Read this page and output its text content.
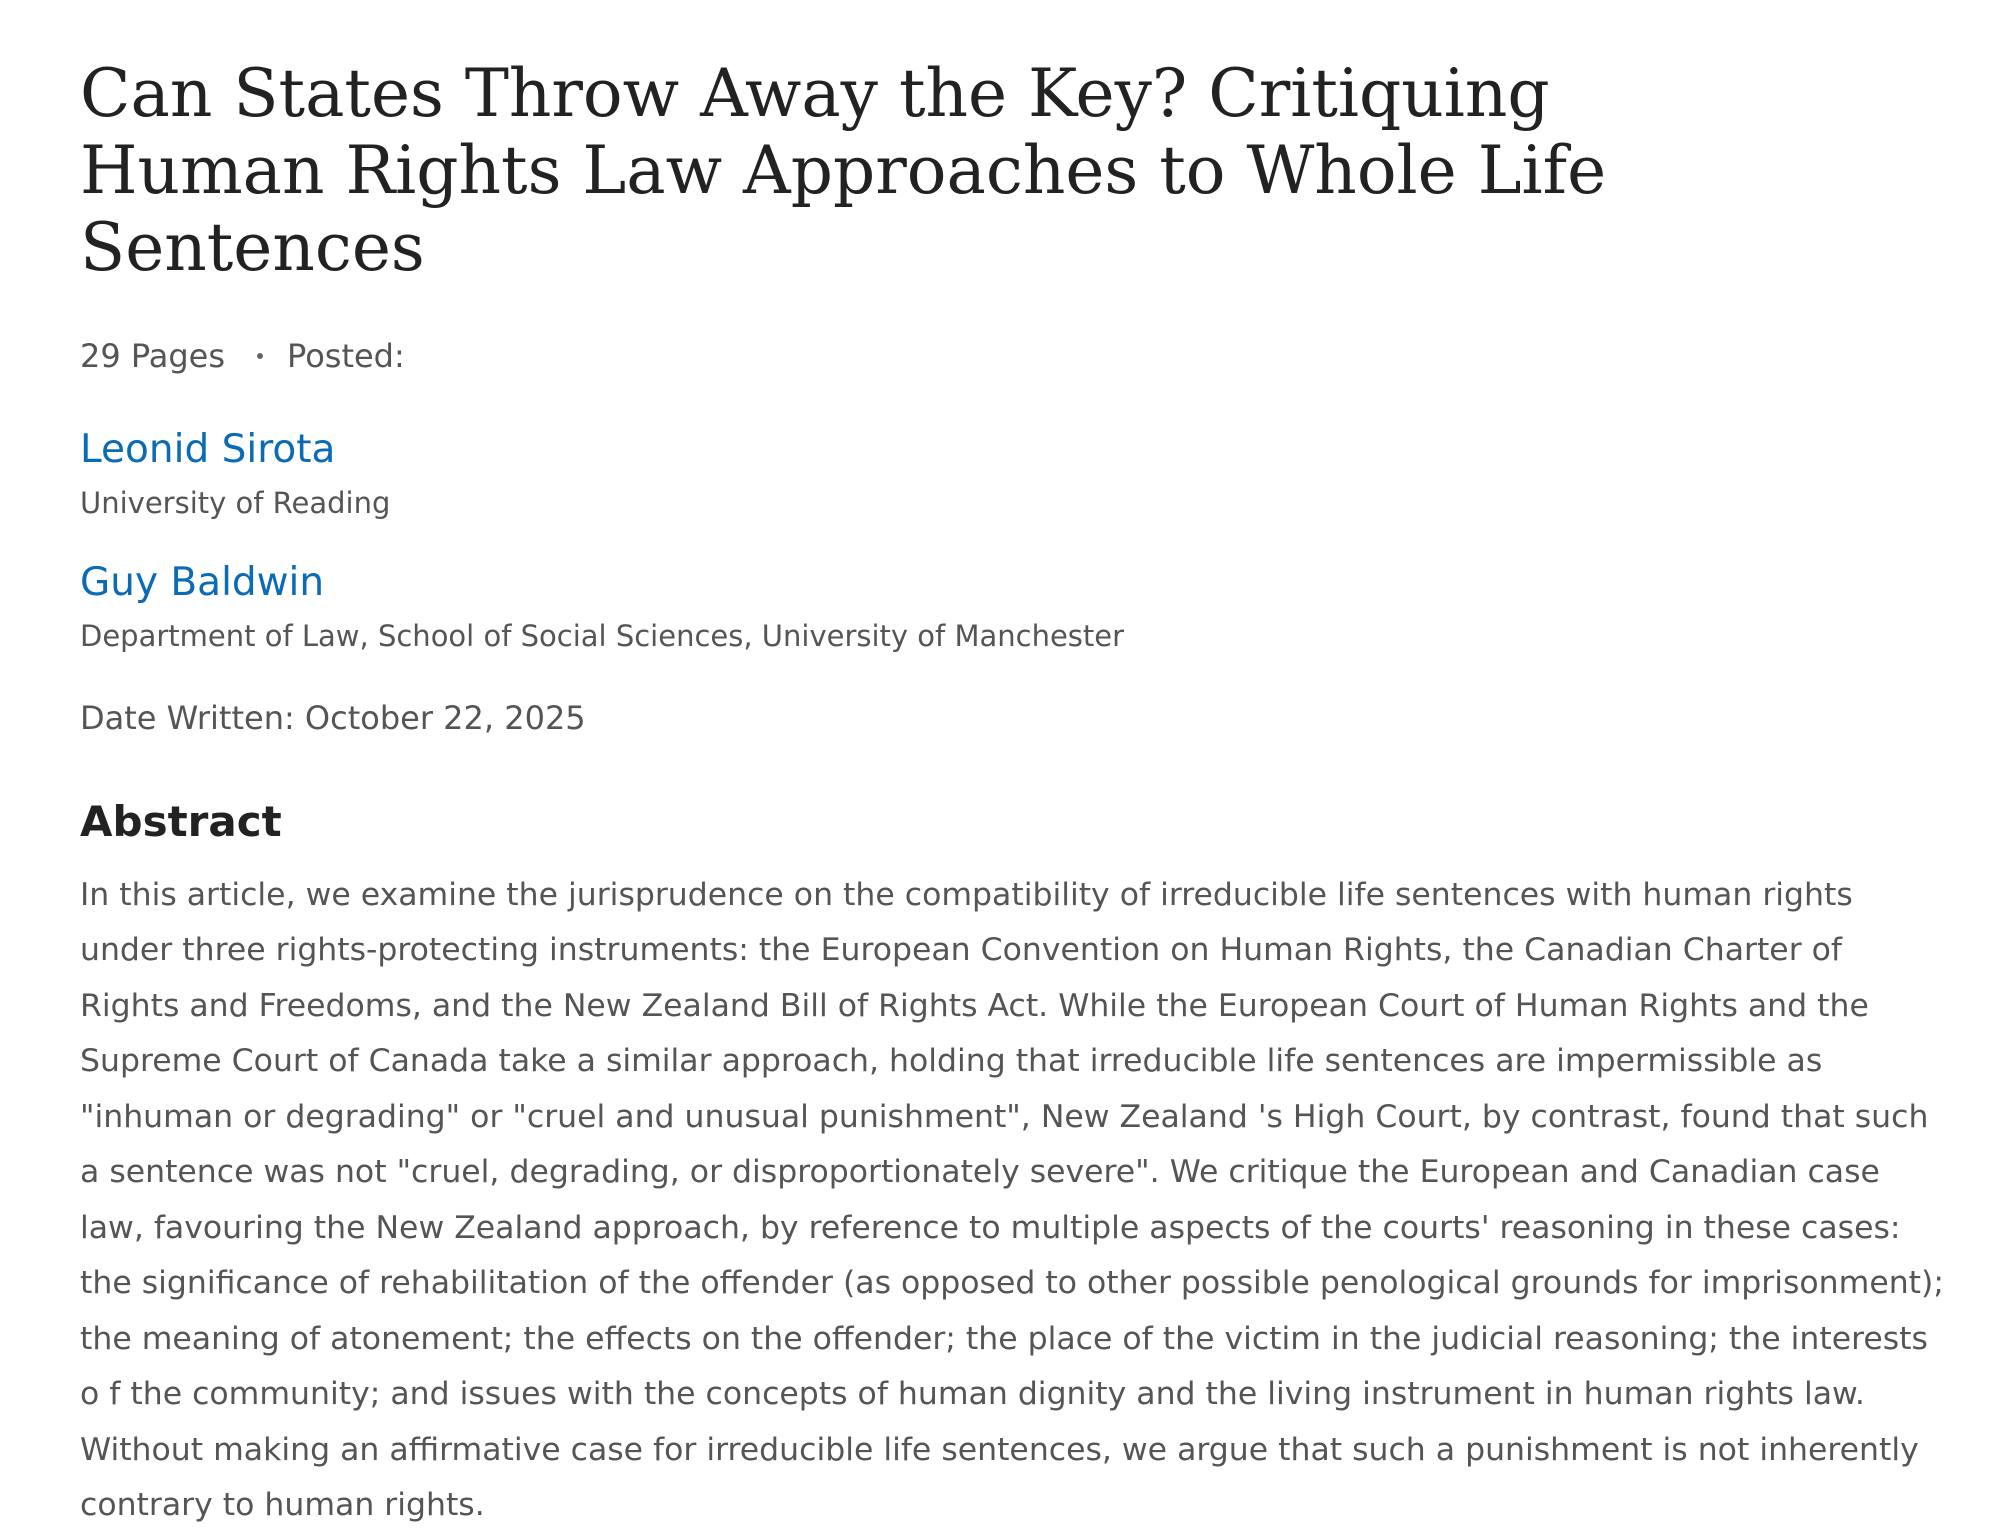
Can States Throw Away the Key? Critiquing Human Rights Law Approaches to Whole Life Sentences
29 Pages Posted:
Leonid Sirota
University of Reading
Guy Baldwin
Department of Law, School of Social Sciences, University of Manchester
Date Written: October 22, 2025
Abstract
In this article, we examine the jurisprudence on the compatibility of irreducible life sentences with human rights under three rights-protecting instruments: the European Convention on Human Rights, the Canadian Charter of Rights and Freedoms, and the New Zealand Bill of Rights Act. While the European Court of Human Rights and the Supreme Court of Canada take a similar approach, holding that irreducible life sentences are impermissible as "inhuman or degrading" or "cruel and unusual punishment", New Zealand 's High Court, by contrast, found that such a sentence was not "cruel, degrading, or disproportionately severe". We critique the European and Canadian case law, favouring the New Zealand approach, by reference to multiple aspects of the courts' reasoning in these cases: the significance of rehabilitation of the offender (as opposed to other possible penological grounds for imprisonment); the meaning of atonement; the effects on the offender; the place of the victim in the judicial reasoning; the interests o f the community; and issues with the concepts of human dignity and the living instrument in human rights law. Without making an affirmative case for irreducible life sentences, we argue that such a punishment is not inherently contrary to human rights.
